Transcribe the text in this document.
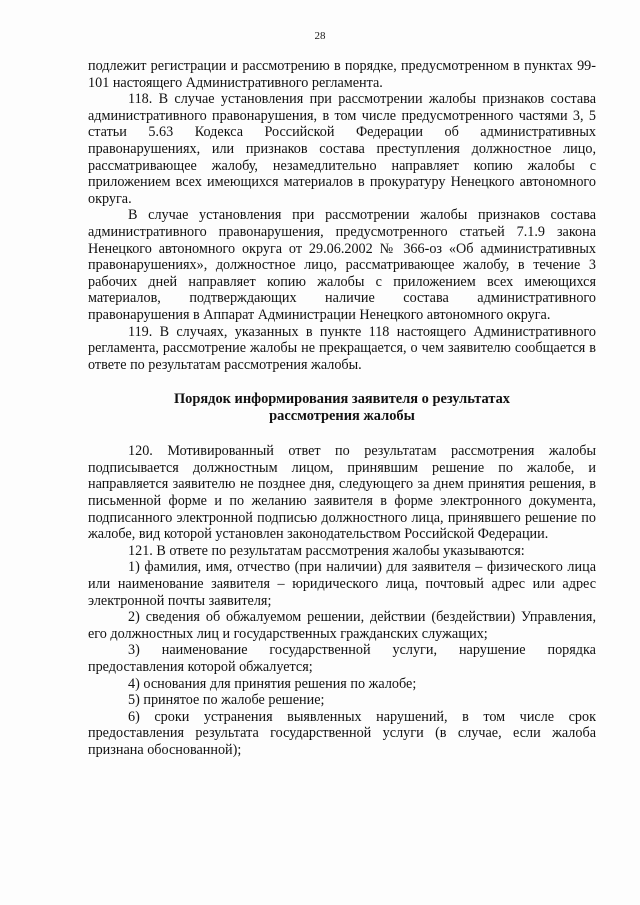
28

подлежит регистрации и рассмотрению в порядке, предусмотренном в пунктах 99-101 настоящего Административного регламента.

118. В случае установления при рассмотрении жалобы признаков состава административного правонарушения, в том числе предусмотренного частями 3, 5 статьи 5.63 Кодекса Российской Федерации об административных правонарушениях, или признаков состава преступления должностное лицо, рассматривающее жалобу, незамедлительно направляет копию жалобы с приложением всех имеющихся материалов в прокуратуру Ненецкого автономного округа.

В случае установления при рассмотрении жалобы признаков состава административного правонарушения, предусмотренного статьей 7.1.9 закона Ненецкого автономного округа от 29.06.2002 № 366-оз «Об административных правонарушениях», должностное лицо, рассматривающее жалобу, в течение 3 рабочих дней направляет копию жалобы с приложением всех имеющихся материалов, подтверждающих наличие состава административного правонарушения в Аппарат Администрации Ненецкого автономного округа.

119. В случаях, указанных в пункте 118 настоящего Административного регламента, рассмотрение жалобы не прекращается, о чем заявителю сообщается в ответе по результатам рассмотрения жалобы.

Порядок информирования заявителя о результатах
рассмотрения жалобы

120. Мотивированный ответ по результатам рассмотрения жалобы подписывается должностным лицом, принявшим решение по жалобе, и направляется заявителю не позднее дня, следующего за днем принятия решения, в письменной форме и по желанию заявителя в форме электронного документа, подписанного электронной подписью должностного лица, принявшего решение по жалобе, вид которой установлен законодательством Российской Федерации.

121. В ответе по результатам рассмотрения жалобы указываются:

1) фамилия, имя, отчество (при наличии) для заявителя – физического лица или наименование заявителя – юридического лица, почтовый адрес или адрес электронной почты заявителя;

2) сведения об обжалуемом решении, действии (бездействии) Управления, его должностных лиц и государственных гражданских служащих;

3) наименование государственной услуги, нарушение порядка предоставления которой обжалуется;

4) основания для принятия решения по жалобе;

5) принятое по жалобе решение;

6) сроки устранения выявленных нарушений, в том числе срок предоставления результата государственной услуги (в случае, если жалоба признана обоснованной);
